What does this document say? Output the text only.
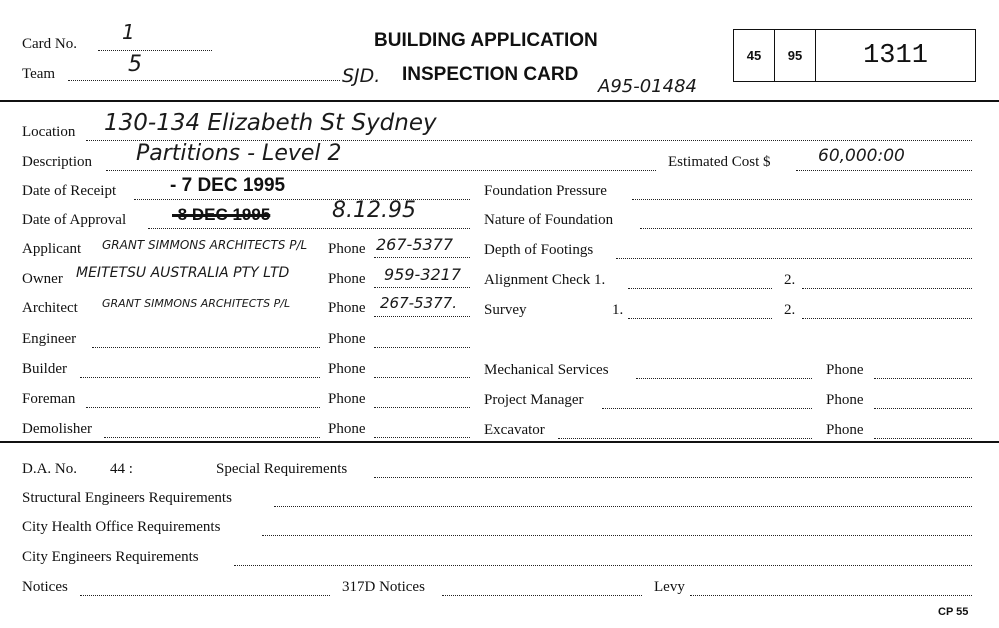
Card No. 1
Team	5	SJD.
BUILDING APPLICATION
INSPECTION CARD
A95-01484
45	95	1311
Location 130-134 Elizabeth St Sydney
Description Partitions - Level 2	Estimated Cost $	60,000:00
Date of Receipt	- 7 DEC 1995
Date of Approval	-8 DEC 1995	8.12.95
Applicant GRANT SIMMONS ARCHITECTS P/L Phone 267-5377
Owner MEITETSU AUSTRALIA PTY LTD	Phone 959-3217
Architect GRANT SIMMONS ARCHITECTS P/L	Phone 267-5377.
Engineer	Phone
Builder	Phone
Foreman	Phone
Demolisher	Phone
Foundation Pressure
Nature of Foundation
Depth of Footings
Alignment Check 1.	2.
Survey	1.	2.
Mechanical Services	Phone
Project Manager	Phone
Excavator	Phone
D.A. No. 44 :	Special Requirements
Structural Engineers Requirements
City Health Office Requirements
City Engineers Requirements
Notices	317D Notices	Levy
CP 55
